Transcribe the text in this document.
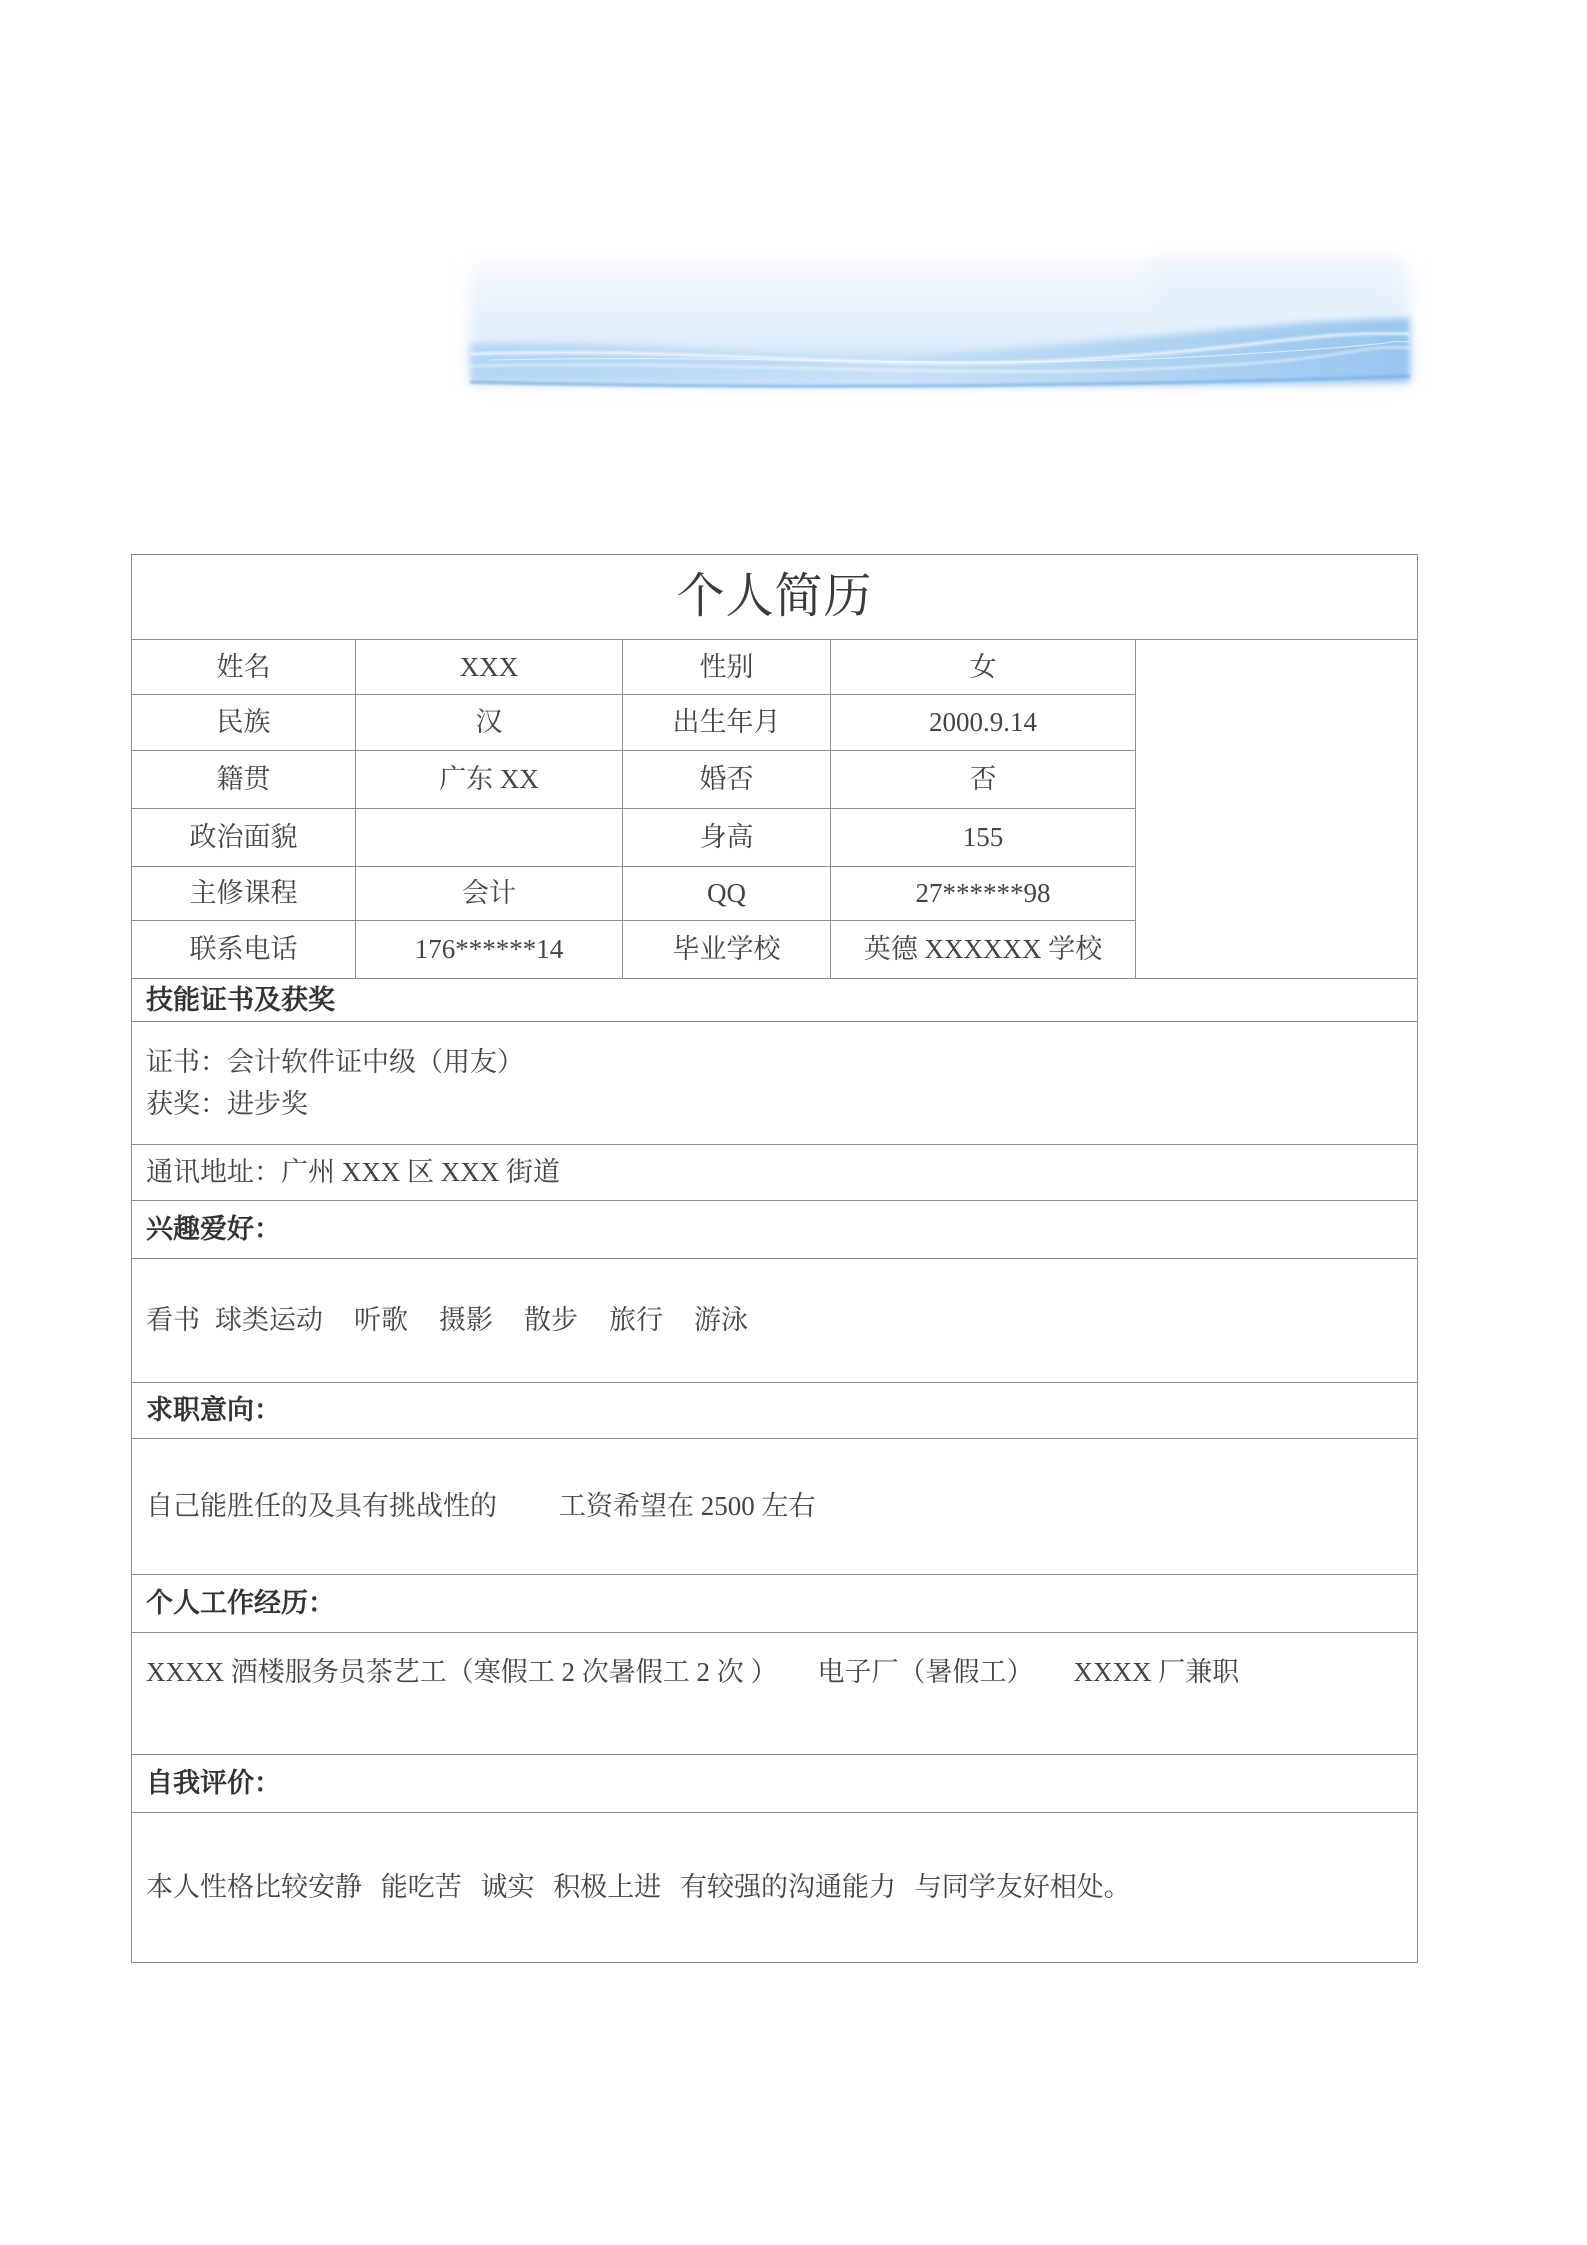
个人简历				
姓名	XXX	性别	女	
民族	汉	出生年月	2000.9.14	
籍贯	广东 XX	婚否	否	
政治面貌		身高	155	
主修课程	会计	QQ	27******98	
联系电话	176******14	毕业学校	英德 XXXXXX 学校	
技能证书及获奖				

证书：会计软件证中级（用友）
获奖：进步奖				

通讯地址：广州 XXX 区 XXX 街道				
兴趣爱好：				
看书 球类运动 听歌 摄影 散步 旅行 游泳				
求职意向：				
自己能胜任的及具有挑战性的 工资希望在 2500 左右				
个人工作经历：				

XXXX 酒楼服务员茶艺工（寒假工 2 次暑假工 2 次 ） 电子厂（暑假工） XXXX 厂兼职				

自我评价：				
本人性格比较安静 能吃苦 诚实 积极上进 有较强的沟通能力 与同学友好相处。				
